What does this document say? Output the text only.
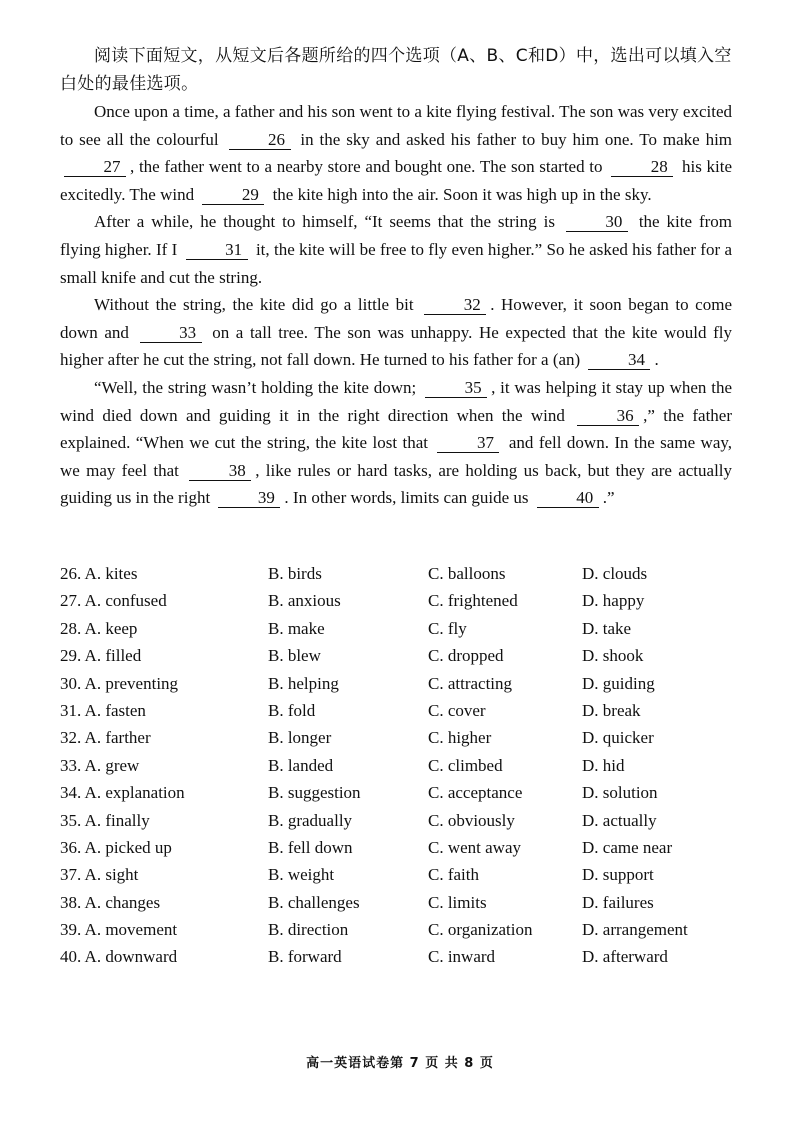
阅读下面短文，从短文后各题所给的四个选项（A、B、C和D）中，选出可以填入空白处的最佳选项。

Once upon a time, a father and his son went to a kite flying festival. The son was very excited to see all the colourful	26 in the sky and asked his father to buy him one. To make him 27 , the father went to a nearby store and bought one. The son started to	28 his kite excitedly. The wind	29 the kite high into the air. Soon it was high up in the sky.

After a while, he thought to himself, “It seems that the string is	30 the kite from flying higher. If I	31 it, the kite will be free to fly even higher.” So he asked his father for a small knife and cut the string.

Without the string, the kite did go a little bit	32 . However, it soon began to come down and	33 on a tall tree. The son was unhappy. He expected that the kite would fly higher after he cut the string, not fall down. He turned to his father for a (an)	34 .

“Well, the string wasn’t holding the kite down;	35 , it was helping it stay up when the wind died down and guiding it in the right direction when the wind	36 ,” the father explained. “When we cut the string, the kite lost that	37 and fell down. In the same way, we may feel that	38 , like rules or hard tasks, are holding us back, but they are actually guiding us in the right	39 . In other words, limits can guide us	40 .”

26. A. kites	B. birds	C. balloons	D. clouds
27. A. confused	B. anxious	C. frightened	D. happy
28. A. keep	B. make	C. fly	D. take
29. A. filled	B. blew	C. dropped	D. shook
30. A. preventing	B. helping	C. attracting	D. guiding
31. A. fasten	B. fold	C. cover	D. break
32. A. farther	B. longer	C. higher	D. quicker
33. A. grew	B. landed	C. climbed	D. hid
34. A. explanation	B. suggestion	C. acceptance	D. solution
35. A. finally	B. gradually	C. obviously	D. actually
36. A. picked up	B. fell down	C. went away	D. came near
37. A. sight	B. weight	C. faith	D. support
38. A. changes	B. challenges	C. limits	D. failures
39. A. movement	B. direction	C. organization	D. arrangement
40. A. downward	B. forward	C. inward	D. afterward
高一英语试卷第 7 页 共 8 页
